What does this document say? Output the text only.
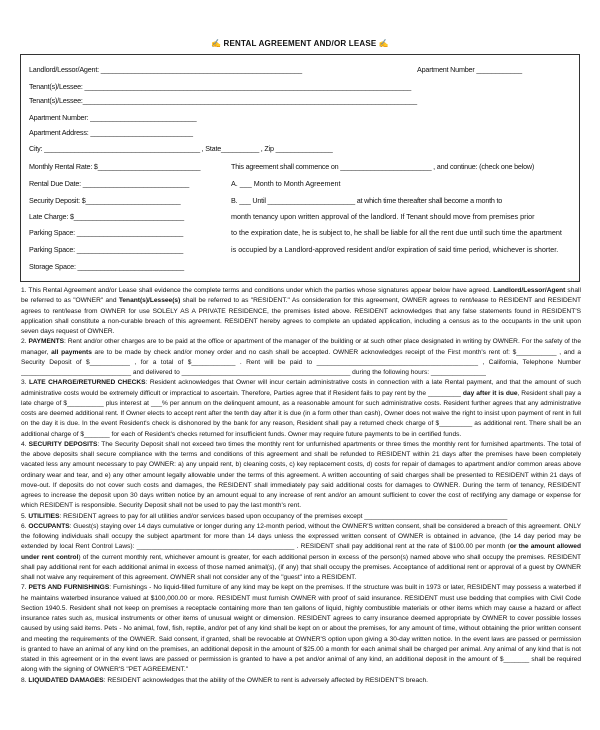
✍ RENTAL AGREEMENT AND/OR LEASE ✍
Landlord/Lessor/Agent: _____________________________________________________	Apartment Number ____________
Tenant(s)/Lessee: ______________________________________________________________________________________
Tenant(s)/Lessee:________________________________________________________________________________________
Apartment Number: ____________________________
Apartment Address: ___________________________
City: _________________________________________ , State__________ , Zip _______________
Monthly Rental Rate: $___________________________	This agreement shall commence on ________________________ , and continue: (check one below)
Rental Due Date: ____________________________	A. ___ Month to Month Agreement
Security Deposit: $_________________________	B. ___ Until _______________________ at which time thereafter shall become a month to
Late Charge: $_____________________________	month tenancy upon written approval of the landlord. If Tenant should move from premises prior
Parking Space: ____________________________	to the expiration date, he is subject to, he shall be liable for all the rent due until such time the apartment
Parking Space: ____________________________	is occupied by a Landlord-approved resident and/or expiration of said time period, whichever is shorter.
Storage Space: ____________________________

1. This Rental Agreement and/or Lease shall evidence the complete terms and conditions under which the parties whose signatures appear below have agreed. Landlord/Lessor/Agent shall be referred to as "OWNER" and Tenant(s)/Lessee(s) shall be referred to as "RESIDENT." As consideration for this agreement, OWNER agrees to rent/lease to RESIDENT and RESIDENT agrees to rent/lease from OWNER for use SOLELY AS A PRIVATE RESIDENCE, the premises listed above. RESIDENT acknowledges that any false statements found in RESIDENT'S application shall constitute a non-curable breach of this agreement. RESIDENT hereby agrees to complete an updated application, including a census as to the occupants in the unit upon seven days request of OWNER.

2. PAYMENTS: Rent and/or other charges are to be paid at the office or apartment of the manager of the building or at such other place designated in writing by OWNER. For the safety of the manager, all payments are to be made by check and/or money order and no cash shall be accepted. OWNER acknowledges receipt of the First month's rent of: $___________ , and a Security Deposit of $___________ , for a total of $____________ . Rent will be paid to ____________________________________________ , California, Telephone Number ______________________________ and delivered to ______________________________________________ during the following hours: _______________

3. LATE CHARGE/RETURNED CHECKS: Resident acknowledges that Owner will incur certain administrative costs in connection with a late Rental payment, and that the amount of such administrative costs would be extremely difficult or impractical to ascertain. Therefore, Parties agree that if Resident fails to pay rent by the _________ day after it is due, Resident shall pay a late charge of $__________ plus interest at ___% per annum on the delinquent amount, as a reasonable amount for such administrative costs. Resident further agrees that any administrative costs are deemed additional rent. If Owner elects to accept rent after the tenth day after it is due (in a form other than cash), Owner does not waive the right to insist upon payment of rent in full on the day it is due. In the event Resident's check is dishonored by the bank for any reason, Resident shall pay a returned check charge of $_________ as additional rent. There shall be an additional charge of $_______ for each of Resident's checks returned for insufficient funds. Owner may require future payments to be in certified funds.

4. SECURITY DEPOSITS: The Security Deposit shall not exceed two times the monthly rent for unfurnished apartments or three times the monthly rent for furnished apartments. The total of the above deposits shall secure compliance with the terms and conditions of this agreement and shall be refunded to RESIDENT within 21 days after the premises have been completely vacated less any amount necessary to pay OWNER: a) any unpaid rent, b) cleaning costs, c) key replacement costs, d) costs for repair of damages to apartment and/or common areas above ordinary wear and tear, and e) any other amount legally allowable under the terms of this agreement. A written accounting of said charges shall be presented to RESIDENT within 21 days of move-out. If deposits do not cover such costs and damages, the RESIDENT shall immediately pay said additional costs for damages to OWNER. During the term of tenancy, RESIDENT agrees to increase the deposit upon 30 days written notice by an amount equal to any increase of rent and/or an amount sufficient to cover the cost of rectifying any damage or expense for which RESIDENT is responsible. Security Deposit shall not be used to pay the last month's rent.

5. UTILITIES: RESIDENT agrees to pay for all utilities and/or services based upon occupancy of the premises except _______________________________________

6. OCCUPANTS: Guest(s) staying over 14 days cumulative or longer during any 12-month period, without the OWNER'S written consent, shall be considered a breach of this agreement. ONLY the following individuals shall occupy the subject apartment for more than 14 days unless the expressed written consent of OWNER is obtained in advance, (the 14 day period may be extended by local Rent Control Laws): ___________________________________________ . RESIDENT shall pay additional rent at the rate of $100.00 per month (or the amount allowed under rent control) of the current monthly rent, whichever amount is greater, for each additional person in excess of the person(s) named above who shall occupy the premises. RESIDENT shall pay additional rent for each additional animal in excess of those named animal(s), (if any) that shall occupy the premises. Acceptance of additional rent or approval of a guest by OWNER shall not waive any requirement of this agreement. OWNER shall not consider any of the "guest" into a RESIDENT.

7. PETS AND FURNISHINGS: Furnishings - No liquid-filled furniture of any kind may be kept on the premises. If the structure was built in 1973 or later, RESIDENT may possess a waterbed if he maintains waterbed insurance valued at $100,000.00 or more. RESIDENT must furnish OWNER with proof of said insurance. RESIDENT must use bedding that complies with Civil Code Section 1940.5. Resident shall not keep on premises a receptacle containing more than ten gallons of liquid, highly combustible materials or other items which may cause a hazard or affect insurance rates such as, musical instruments or other items of unusual weight or dimension. RESIDENT agrees to carry insurance deemed appropriate by OWNER to cover possible losses caused by using said items. Pets - No animal, fowl, fish, reptile, and/or pet of any kind shall be kept on or about the premises, for any amount of time, without obtaining the prior written consent and meeting the requirements of the OWNER. Said consent, if granted, shall be revocable at OWNER'S option upon giving a 30-day written notice. In the event laws are passed or permission is granted to have an animal of any kind on the premises, an additional deposit in the amount of $25.00 a month for each animal shall be charged per animal. Any animal of any kind that is not stated in this agreement or in the event laws are passed or permission is granted to have a pet and/or animal of any kind, an additional deposit in the amount of $_______ shall be required along with the signing of OWNER'S "PET AGREEMENT."

8. LIQUIDATED DAMAGES: RESIDENT acknowledges that the ability of the OWNER to rent is adversely affected by RESIDENT'S breach.
